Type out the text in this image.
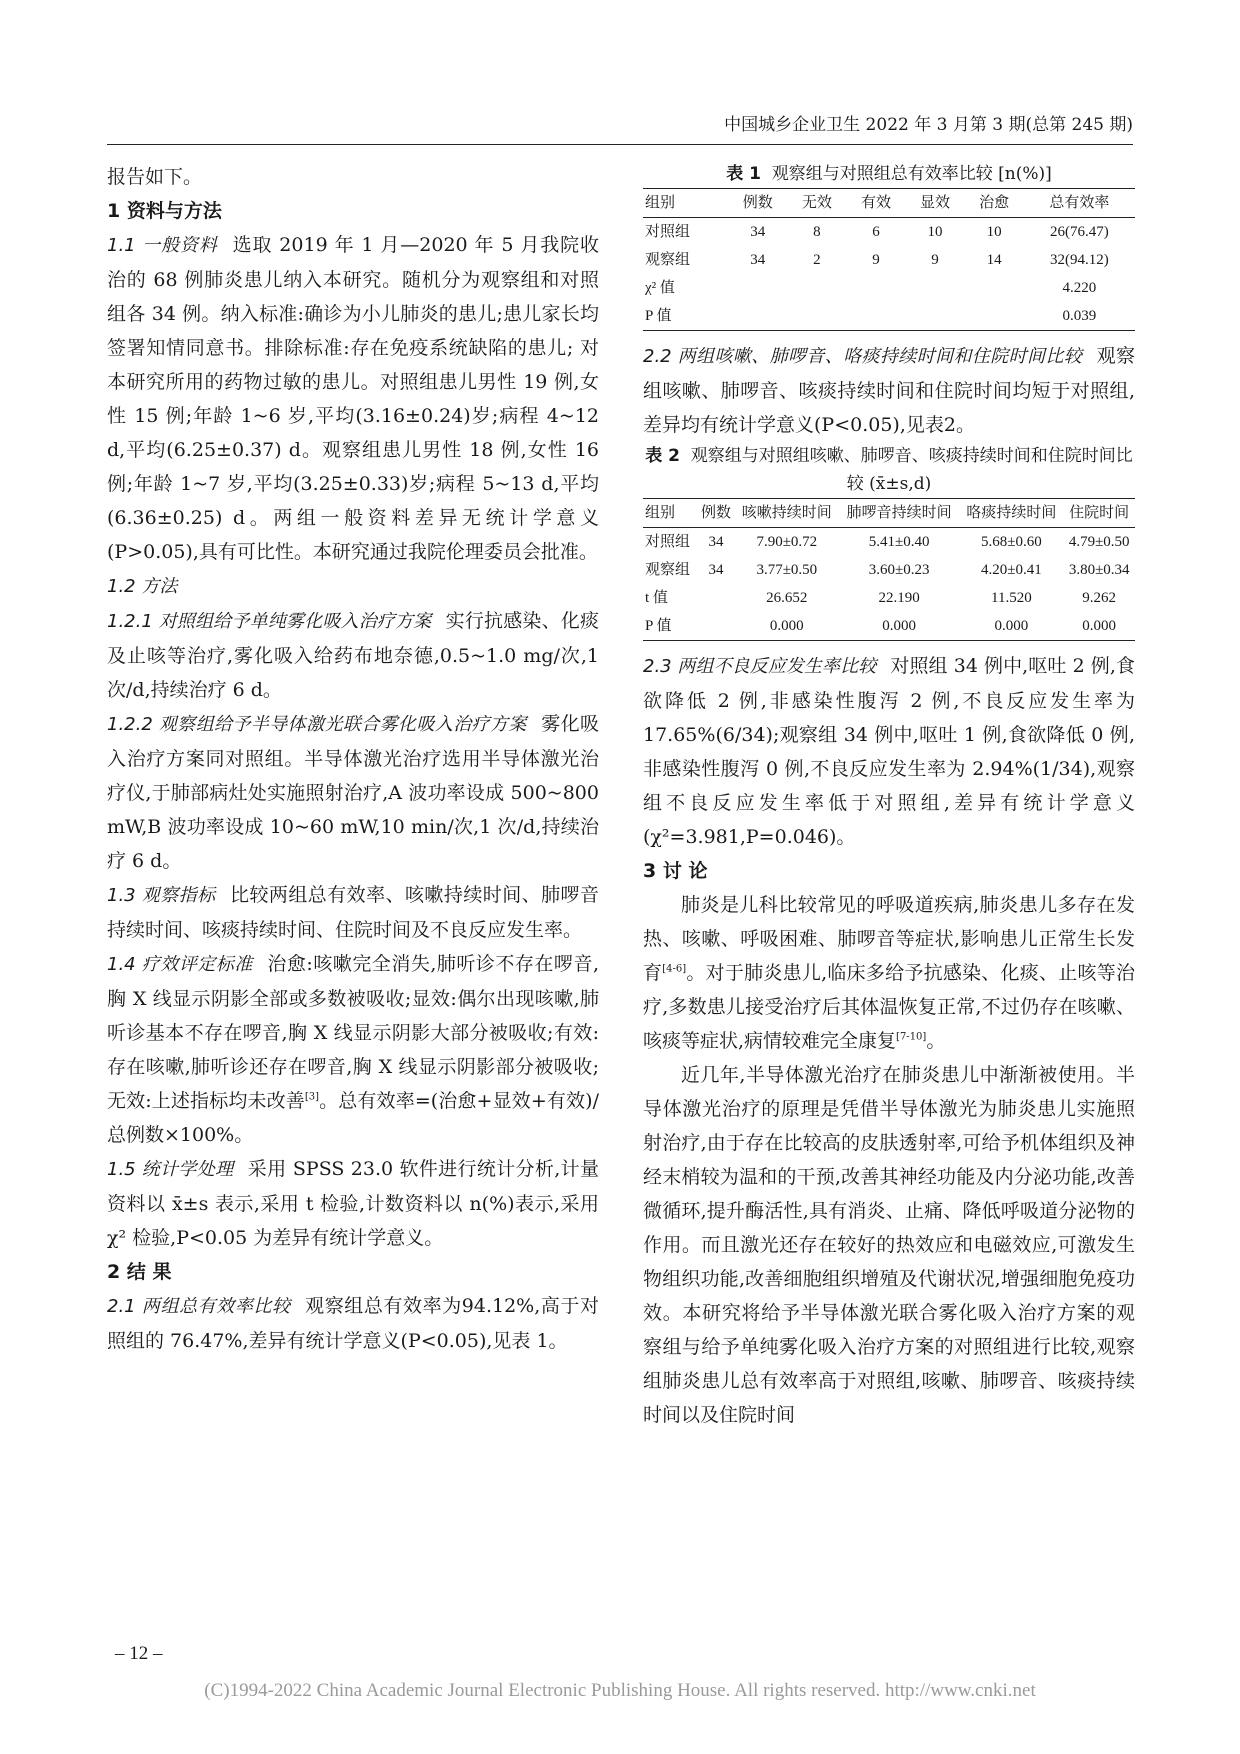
中国城乡企业卫生 2022 年 3 月第 3 期(总第 245 期)

报告如下。

1 资料与方法

1.1 一般资料 选取 2019 年 1 月—2020 年 5 月我院收治的 68 例肺炎患儿纳入本研究。随机分为观察组和对照组各 34 例。纳入标准:确诊为小儿肺炎的患儿;患儿家长均签署知情同意书。排除标准:存在免疫系统缺陷的患儿; 对本研究所用的药物过敏的患儿。对照组患儿男性 19 例,女性 15 例;年龄 1~6 岁,平均(3.16±0.24)岁;病程 4~12 d,平均(6.25±0.37) d。观察组患儿男性 18 例,女性 16 例;年龄 1~7 岁,平均(3.25±0.33)岁;病程 5~13 d,平均(6.36±0.25) d。两组一般资料差异无统计学意义(P>0.05),具有可比性。本研究通过我院伦理委员会批准。

1.2 方法

1.2.1 对照组给予单纯雾化吸入治疗方案 实行抗感染、化痰及止咳等治疗,雾化吸入给药布地奈德,0.5~1.0 mg/次,1 次/d,持续治疗 6 d。

1.2.2 观察组给予半导体激光联合雾化吸入治疗方案 雾化吸入治疗方案同对照组。半导体激光治疗选用半导体激光治疗仪,于肺部病灶处实施照射治疗,A 波功率设成 500~800 mW,B 波功率设成 10~60 mW,10 min/次,1 次/d,持续治疗 6 d。

1.3 观察指标 比较两组总有效率、咳嗽持续时间、肺啰音持续时间、咳痰持续时间、住院时间及不良反应发生率。

1.4 疗效评定标准 治愈:咳嗽完全消失,肺听诊不存在啰音,胸 X 线显示阴影全部或多数被吸收;显效:偶尔出现咳嗽,肺听诊基本不存在啰音,胸 X 线显示阴影大部分被吸收;有效:存在咳嗽,肺听诊还存在啰音,胸 X 线显示阴影部分被吸收;无效:上述指标均未改善[3]。总有效率=(治愈+显效+有效)/总例数×100%。

1.5 统计学处理 采用 SPSS 23.0 软件进行统计分析,计量资料以 x̄±s 表示,采用 t 检验,计数资料以 n(%)表示,采用 χ² 检验,P<0.05 为差异有统计学意义。

2 结 果

2.1 两组总有效率比较 观察组总有效率为94.12%,高于对照组的 76.47%,差异有统计学意义(P<0.05),见表 1。

表 1 观察组与对照组总有效率比较 [n(%)]
组别	例数	无效	有效	显效	治愈	总有效率
对照组	34	8	6	10	10	26(76.47)
观察组	34	2	9	9	14	32(94.12)
χ² 值						4.220
P 值						0.039

2.2 两组咳嗽、肺啰音、咯痰持续时间和住院时间比较 观察组咳嗽、肺啰音、咳痰持续时间和住院时间均短于对照组,差异均有统计学意义(P<0.05),见表2。

表 2 观察组与对照组咳嗽、肺啰音、咳痰持续时间和住院时间比较 (x̄±s,d)
组别	例数	咳嗽持续时间	肺啰音持续时间	咯痰持续时间	住院时间
对照组	34	7.90±0.72	5.41±0.40	5.68±0.60	4.79±0.50
观察组	34	3.77±0.50	3.60±0.23	4.20±0.41	3.80±0.34
t 值		26.652	22.190	11.520	9.262
P 值		0.000	0.000	0.000	0.000

2.3 两组不良反应发生率比较 对照组 34 例中,呕吐 2 例,食欲降低 2 例,非感染性腹泻 2 例,不良反应发生率为 17.65%(6/34);观察组 34 例中,呕吐 1 例,食欲降低 0 例,非感染性腹泻 0 例,不良反应发生率为 2.94%(1/34),观察组不良反应发生率低于对照组,差异有统计学意义(χ²=3.981,P=0.046)。

3 讨 论

肺炎是儿科比较常见的呼吸道疾病,肺炎患儿多存在发热、咳嗽、呼吸困难、肺啰音等症状,影响患儿正常生长发育[4-6]。对于肺炎患儿,临床多给予抗感染、化痰、止咳等治疗,多数患儿接受治疗后其体温恢复正常,不过仍存在咳嗽、咳痰等症状,病情较难完全康复[7-10]。

近几年,半导体激光治疗在肺炎患儿中渐渐被使用。半导体激光治疗的原理是凭借半导体激光为肺炎患儿实施照射治疗,由于存在比较高的皮肤透射率,可给予机体组织及神经末梢较为温和的干预,改善其神经功能及内分泌功能,改善微循环,提升酶活性,具有消炎、止痛、降低呼吸道分泌物的作用。而且激光还存在较好的热效应和电磁效应,可激发生物组织功能,改善细胞组织增殖及代谢状况,增强细胞免疫功效。本研究将给予半导体激光联合雾化吸入治疗方案的观察组与给予单纯雾化吸入治疗方案的对照组进行比较,观察组肺炎患儿总有效率高于对照组,咳嗽、肺啰音、咳痰持续时间以及住院时间

– 12 –
(C)1994-2022 China Academic Journal Electronic Publishing House. All rights reserved. http://www.cnki.net
